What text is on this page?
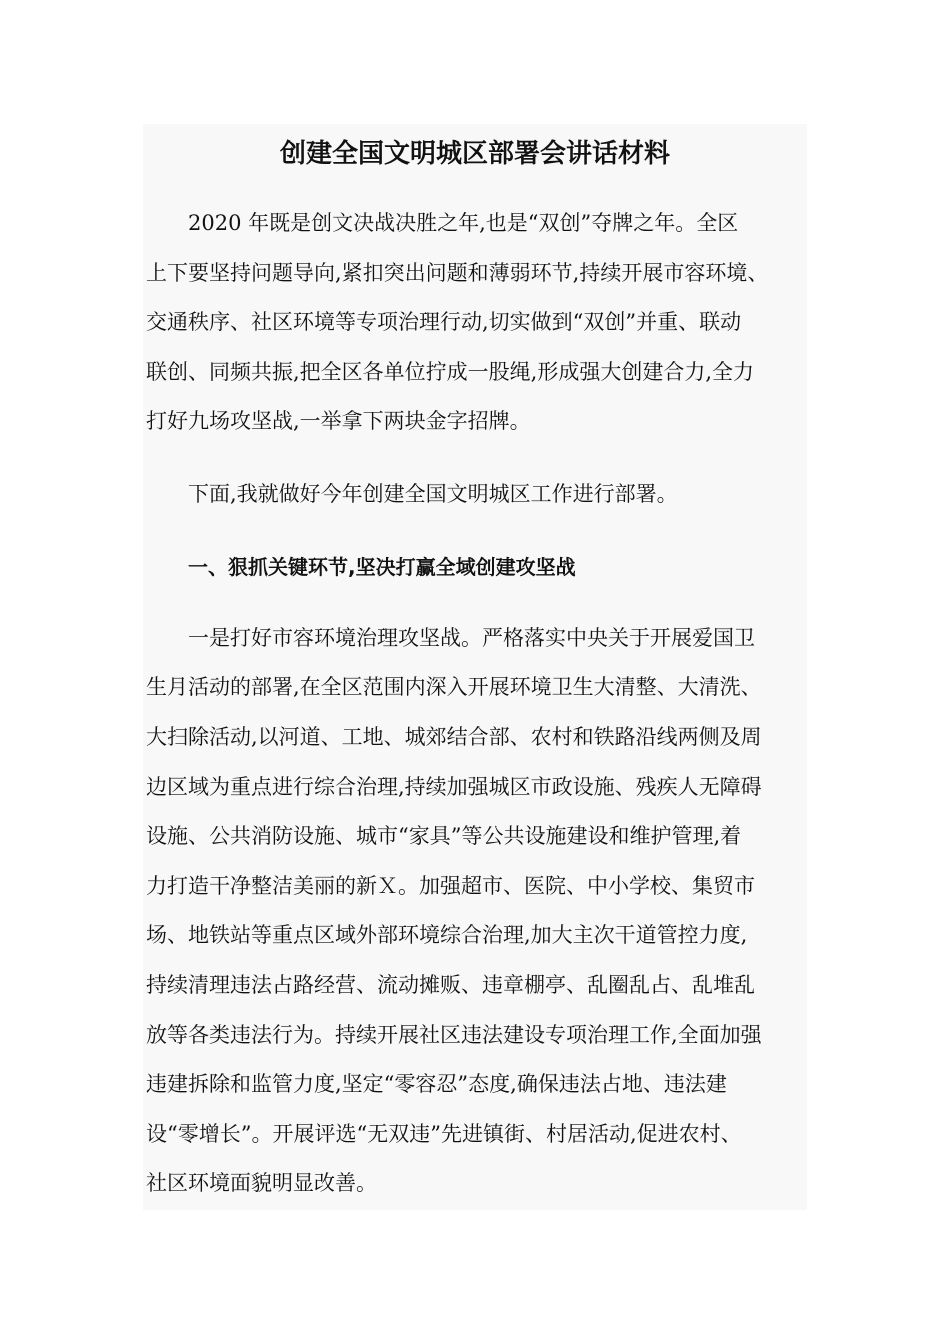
创建全国文明城区部署会讲话材料

2020 年既是创文决战决胜之年,也是“双创”夺牌之年。全区

上下要坚持问题导向,紧扣突出问题和薄弱环节,持续开展市容环境、

交通秩序、社区环境等专项治理行动,切实做到“双创”并重、联动

联创、同频共振,把全区各单位拧成一股绳,形成强大创建合力,全力

打好九场攻坚战,一举拿下两块金字招牌。

下面,我就做好今年创建全国文明城区工作进行部署。

一、狠抓关键环节,坚决打赢全域创建攻坚战

一是打好市容环境治理攻坚战。严格落实中央关于开展爱国卫

生月活动的部署,在全区范围内深入开展环境卫生大清整、大清洗、

大扫除活动,以河道、工地、城郊结合部、农村和铁路沿线两侧及周

边区域为重点进行综合治理,持续加强城区市政设施、残疾人无障碍

设施、公共消防设施、城市“家具”等公共设施建设和维护管理,着

力打造干净整洁美丽的新Ｘ。加强超市、医院、中小学校、集贸市

场、地铁站等重点区域外部环境综合治理,加大主次干道管控力度,

持续清理违法占路经营、流动摊贩、违章棚亭、乱圈乱占、乱堆乱

放等各类违法行为。持续开展社区违法建设专项治理工作,全面加强

违建拆除和监管力度,坚定“零容忍”态度,确保违法占地、违法建

设“零增长”。开展评选“无双违”先进镇街、村居活动,促进农村、

社区环境面貌明显改善。
